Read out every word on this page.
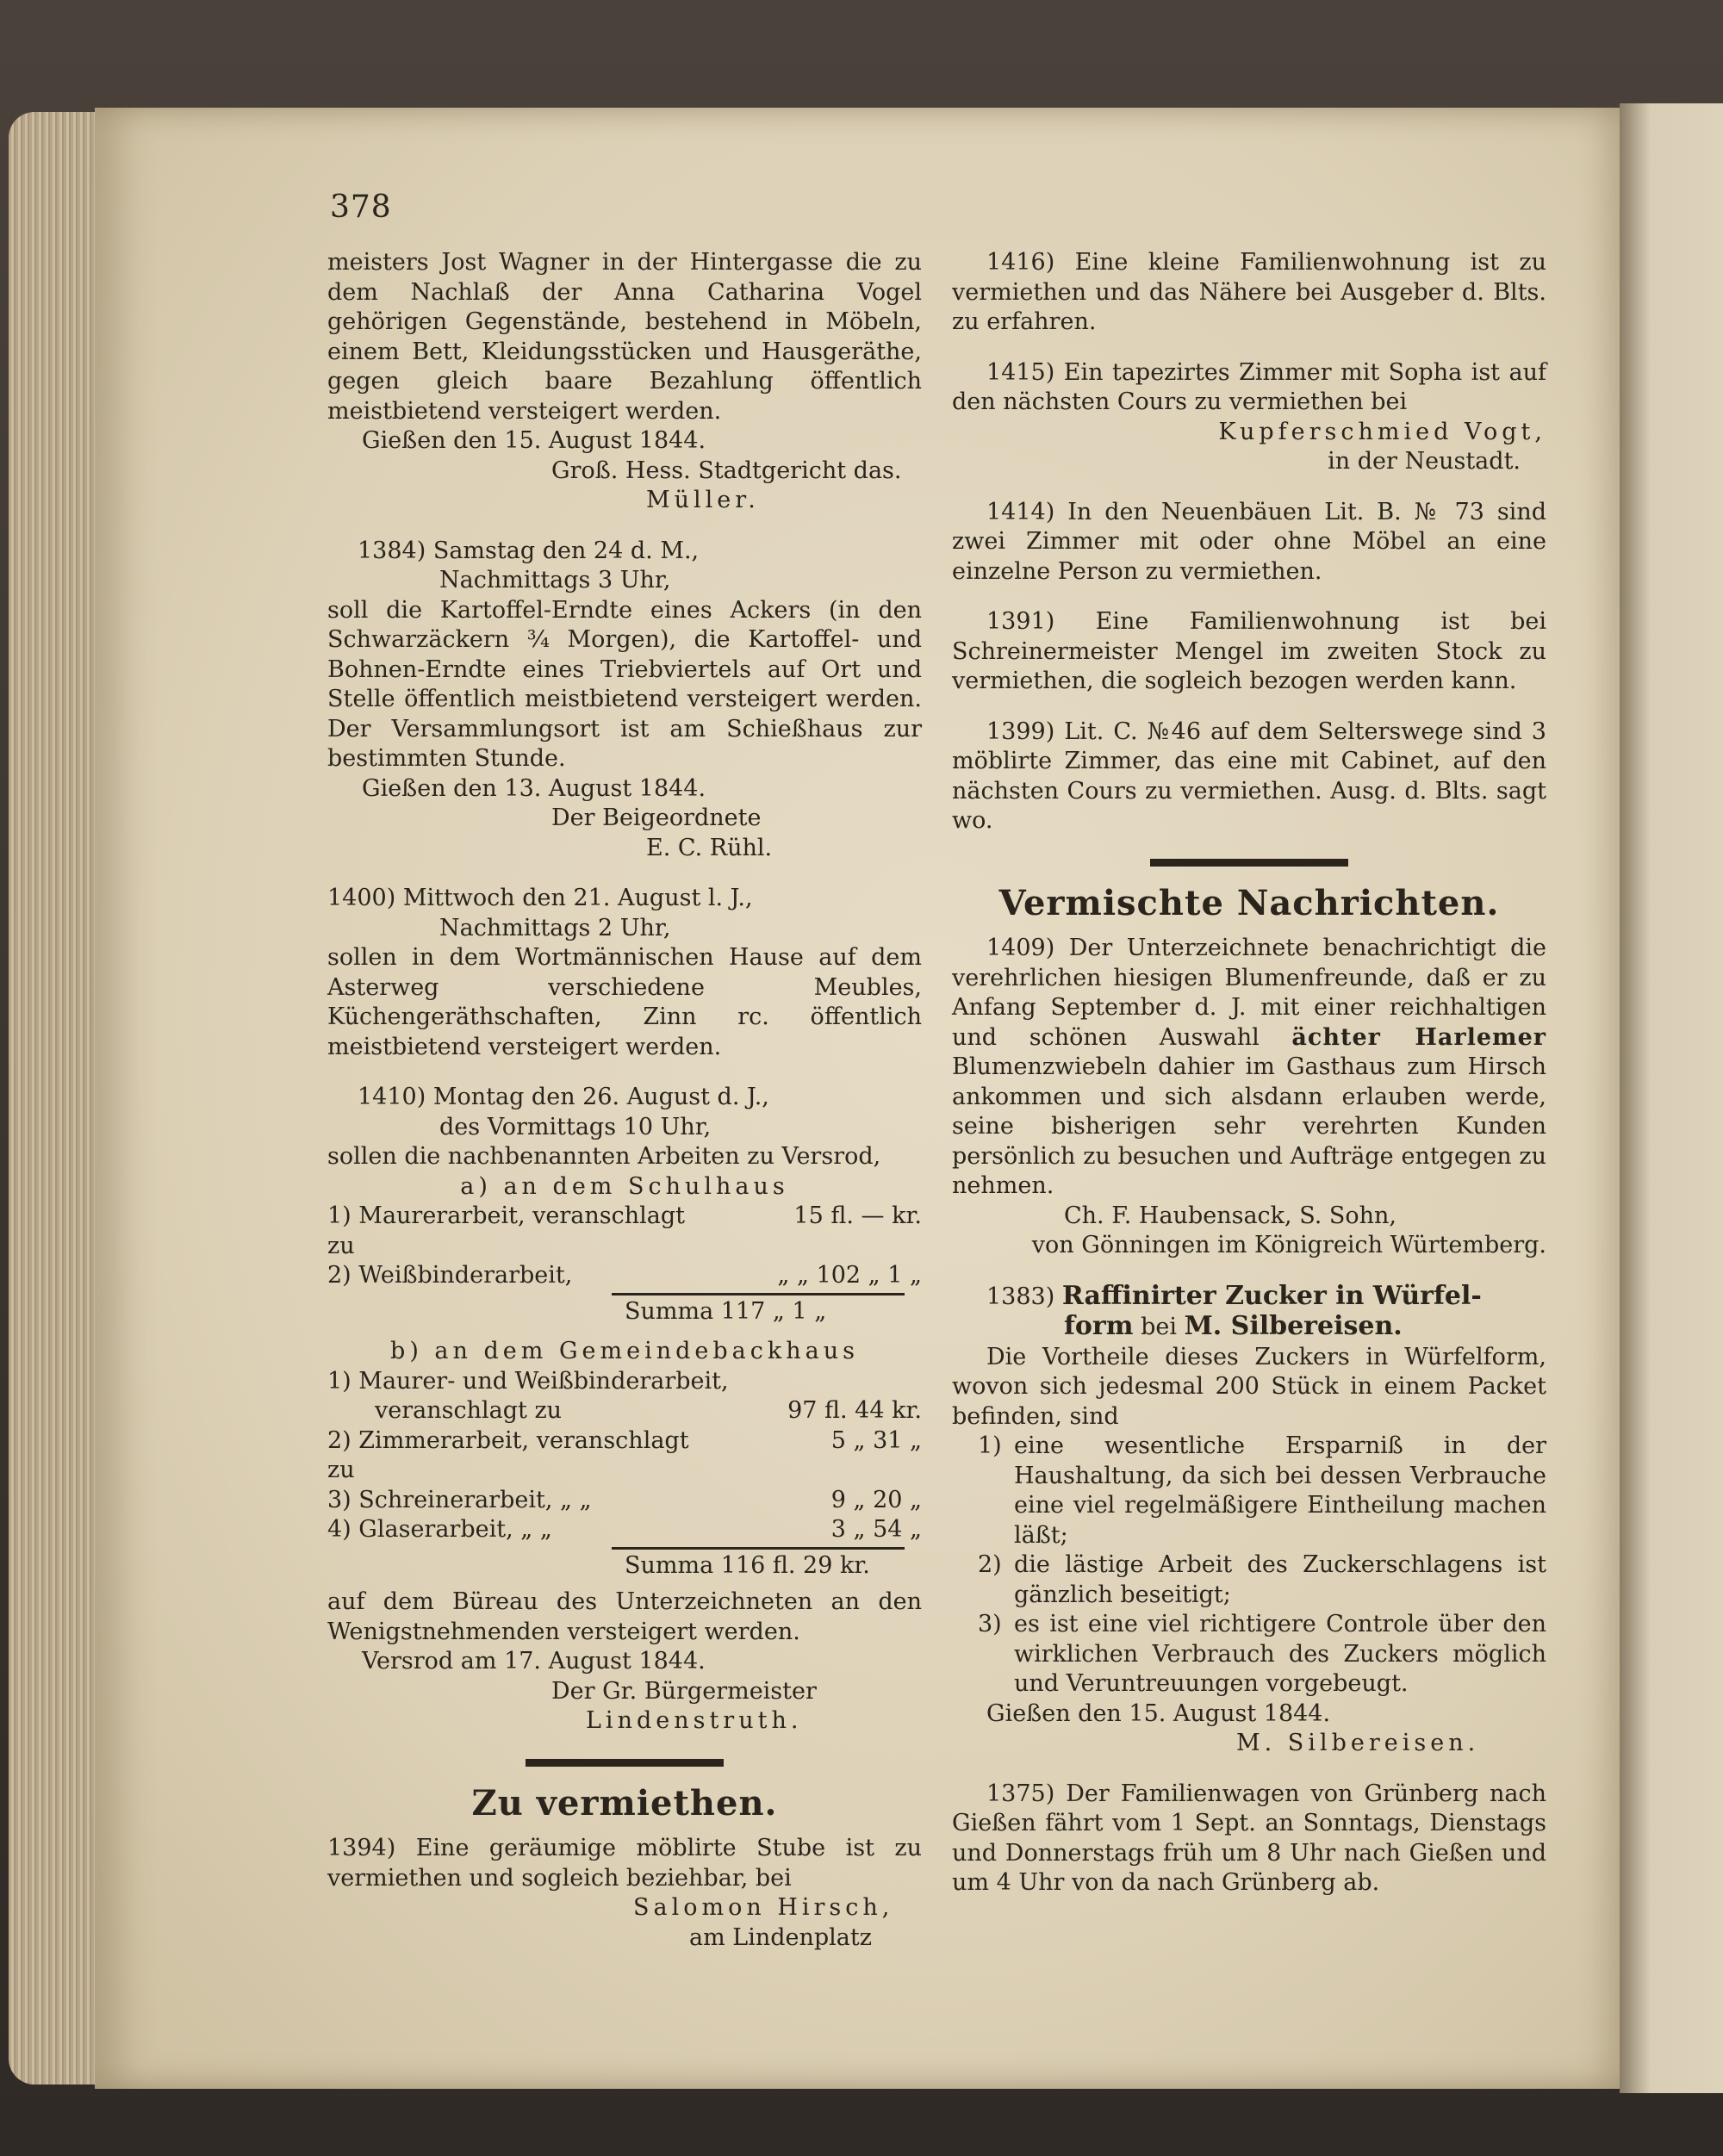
378

meisters Jost Wagner in der Hintergasse die zu dem Nachlaß der Anna Catharina Vogel gehörigen Gegenstände, bestehend in Möbeln, einem Bett, Kleidungsstücken und Hausgeräthe, gegen gleich baare Bezahlung öffentlich meistbietend versteigert werden.

Gießen den 15. August 1844.

Groß. Hess. Stadtgericht das.

Müller.

1384) Samstag den 24 d. M.,

Nachmittags 3 Uhr,

soll die Kartoffel-Erndte eines Ackers (in den Schwarzäckern ¾ Morgen), die Kartoffel- und Bohnen-Erndte eines Triebviertels auf Ort und Stelle öffentlich meistbietend versteigert werden. Der Versammlungsort ist am Schießhaus zur bestimmten Stunde.

Gießen den 13. August 1844.

Der Beigeordnete

E. C. Rühl.

1400) Mittwoch den 21. August l. J.,

Nachmittags 2 Uhr,

sollen in dem Wortmännischen Hause auf dem Asterweg verschiedene Meubles, Küchengeräthschaften, Zinn rc. öffentlich meistbietend versteigert werden.

1410) Montag den 26. August d. J.,

des Vormittags 10 Uhr,

sollen die nachbenannten Arbeiten zu Versrod,

a) an dem Schulhaus

1) Maurerarbeit, veranschlagt zu
15 fl. — kr.
2) Weißbinderarbeit,	„ „ 102 „ 1 „

Summa 117 „ 1 „

b) an dem Gemeindebackhaus

1) Maurer- und Weißbinderarbeit,

veranschlagt zu	97 fl. 44 kr.
2) Zimmerarbeit, veranschlagt zu
5 „ 31 „
3) Schreinerarbeit, „ „	9 „ 20 „
4) Glaserarbeit, „ „	3 „ 54 „

Summa 116 fl. 29 kr.

auf dem Büreau des Unterzeichneten an den Wenigstnehmenden versteigert werden.

Versrod am 17. August 1844.

Der Gr. Bürgermeister

Lindenstruth.

Zu vermiethen.

1394) Eine geräumige möblirte Stube ist zu vermiethen und sogleich beziehbar, bei

Salomon Hirsch,

am Lindenplatz

1416) Eine kleine Familienwohnung ist zu vermiethen und das Nähere bei Ausgeber d. Blts. zu erfahren.

1415) Ein tapezirtes Zimmer mit Sopha ist auf den nächsten Cours zu vermiethen bei

Kupferschmied Vogt,

in der Neustadt.

1414) In den Neuenbäuen Lit. B. № 73 sind zwei Zimmer mit oder ohne Möbel an eine einzelne Person zu vermiethen.

1391) Eine Familienwohnung ist bei Schreinermeister Mengel im zweiten Stock zu vermiethen, die sogleich bezogen werden kann.

1399) Lit. C. №46 auf dem Selterswege sind 3 möblirte Zimmer, das eine mit Cabinet, auf den nächsten Cours zu vermiethen. Ausg. d. Blts. sagt wo.

Vermischte Nachrichten.

1409) Der Unterzeichnete benachrichtigt die verehrlichen hiesigen Blumenfreunde, daß er zu Anfang September d. J. mit einer reichhaltigen und schönen Auswahl ächter Harlemer Blumenzwiebeln dahier im Gasthaus zum Hirsch ankommen und sich alsdann erlauben werde, seine bisherigen sehr verehrten Kunden persönlich zu besuchen und Aufträge entgegen zu nehmen.

Ch. F. Haubensack, S. Sohn,

von Gönningen im Königreich Würtemberg.

1383) Raffinirter Zucker in Würfel-

form bei M. Silbereisen.

Die Vortheile dieses Zuckers in Würfelform, wovon sich jedesmal 200 Stück in einem Packet befinden, sind

1) eine wesentliche Ersparniß in der Haushaltung, da sich bei dessen Verbrauche eine viel regelmäßigere Eintheilung machen läßt;
2) die lästige Arbeit des Zuckerschlagens ist gänzlich beseitigt;
3) es ist eine viel richtigere Controle über den wirklichen Verbrauch des Zuckers möglich und Veruntreuungen vorgebeugt.

Gießen den 15. August 1844.

M. Silbereisen.

1375) Der Familienwagen von Grünberg nach Gießen fährt vom 1 Sept. an Sonntags, Dienstags und Donnerstags früh um 8 Uhr nach Gießen und um 4 Uhr von da nach Grünberg ab.
